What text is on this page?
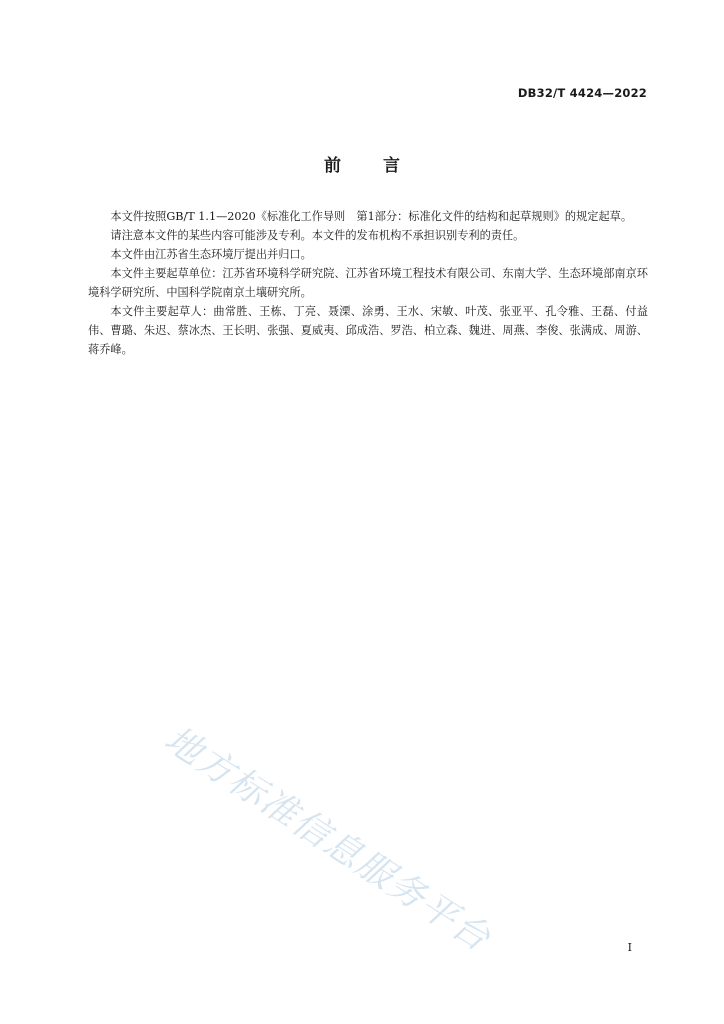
DB32/T 4424—2022
前言

本文件按照GB/T 1.1—2020《标准化工作导则　第1部分：标准化文件的结构和起草规则》的规定起草。

请注意本文件的某些内容可能涉及专利。本文件的发布机构不承担识别专利的责任。

本文件由江苏省生态环境厅提出并归口。

本文件主要起草单位：江苏省环境科学研究院、江苏省环境工程技术有限公司、东南大学、生态环境部南京环境科学研究所、中国科学院南京土壤研究所。

本文件主要起草人：曲常胜、王栋、丁亮、聂溧、涂勇、王水、宋敏、叶茂、张亚平、孔令雅、王磊、付益伟、曹璐、朱迟、蔡冰杰、王长明、张强、夏威夷、邱成浩、罗浩、柏立森、魏进、周燕、李俊、张满成、周游、蒋乔峰。

地方标准信息服务平台	I
